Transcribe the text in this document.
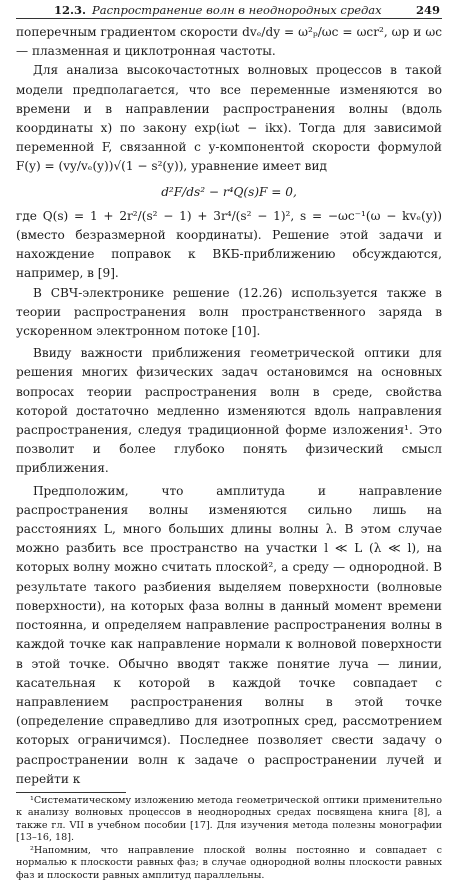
12.3. Распространение волн в неоднородных средах	249

поперечным градиентом скорости dvₑ/dy = ω²ₚ/ωc = ωcr², ωp и ωc — плазменная и циклотронная частоты.

Для анализа высокочастотных волновых процессов в такой модели предполагается, что все переменные изменяются во времени и в направлении распространения волны (вдоль координаты x) по закону exp(iωt − ikx). Тогда для зависимой переменной F, связанной с y-компонентой скорости формулой F(y) = (vy/vₑ(y))√(1 − s²(y)), уравнение имеет вид

d²F/ds² − r⁴Q(s)F = 0,

где Q(s) = 1 + 2r²/(s² − 1) + 3r⁴/(s² − 1)², s = −ωc⁻¹(ω − kvₑ(y)) (вместо безразмерной координаты). Решение этой задачи и нахождение поправок к ВКБ-приближению обсуждаются, например, в [9].

В СВЧ-электронике решение (12.26) используется также в теории распространения волн пространственного заряда в ускоренном электронном потоке [10].

Ввиду важности приближения геометрической оптики для решения многих физических задач остановимся на основных вопросах теории распространения волн в среде, свойства которой достаточно медленно изменяются вдоль направления распространения, следуя традиционной форме изложения¹. Это позволит и более глубоко понять физический смысл приближения.

Предположим, что амплитуда и направление распространения волны изменяются сильно лишь на расстояниях L, много больших длины волны λ. В этом случае можно разбить все пространство на участки l ≪ L (λ ≪ l), на которых волну можно считать плоской², а среду — однородной. В результате такого разбиения выделяем поверхности (волновые поверхности), на которых фаза волны в данный момент времени постоянна, и определяем направление распространения волны в каждой точке как направление нормали к волновой поверхности в этой точке. Обычно вводят также понятие луча — линии, касательная к которой в каждой точке совпадает с направлением распространения волны в этой точке (определение справедливо для изотропных сред, рассмотрением которых ограничимся). Последнее позволяет свести задачу о распространении волн к задаче о распространении лучей и перейти к

¹Систематическому изложению метода геометрической оптики применительно к анализу волновых процессов в неоднородных средах посвящена книга [8], а также гл. VII в учебном пособии [17]. Для изучения метода полезны монографии [13–16, 18].

²Напомним, что направление плоской волны постоянно и совпадает с нормалью к плоскости равных фаз; в случае однородной волны плоскости равных фаз и плоскости равных амплитуд параллельны.
